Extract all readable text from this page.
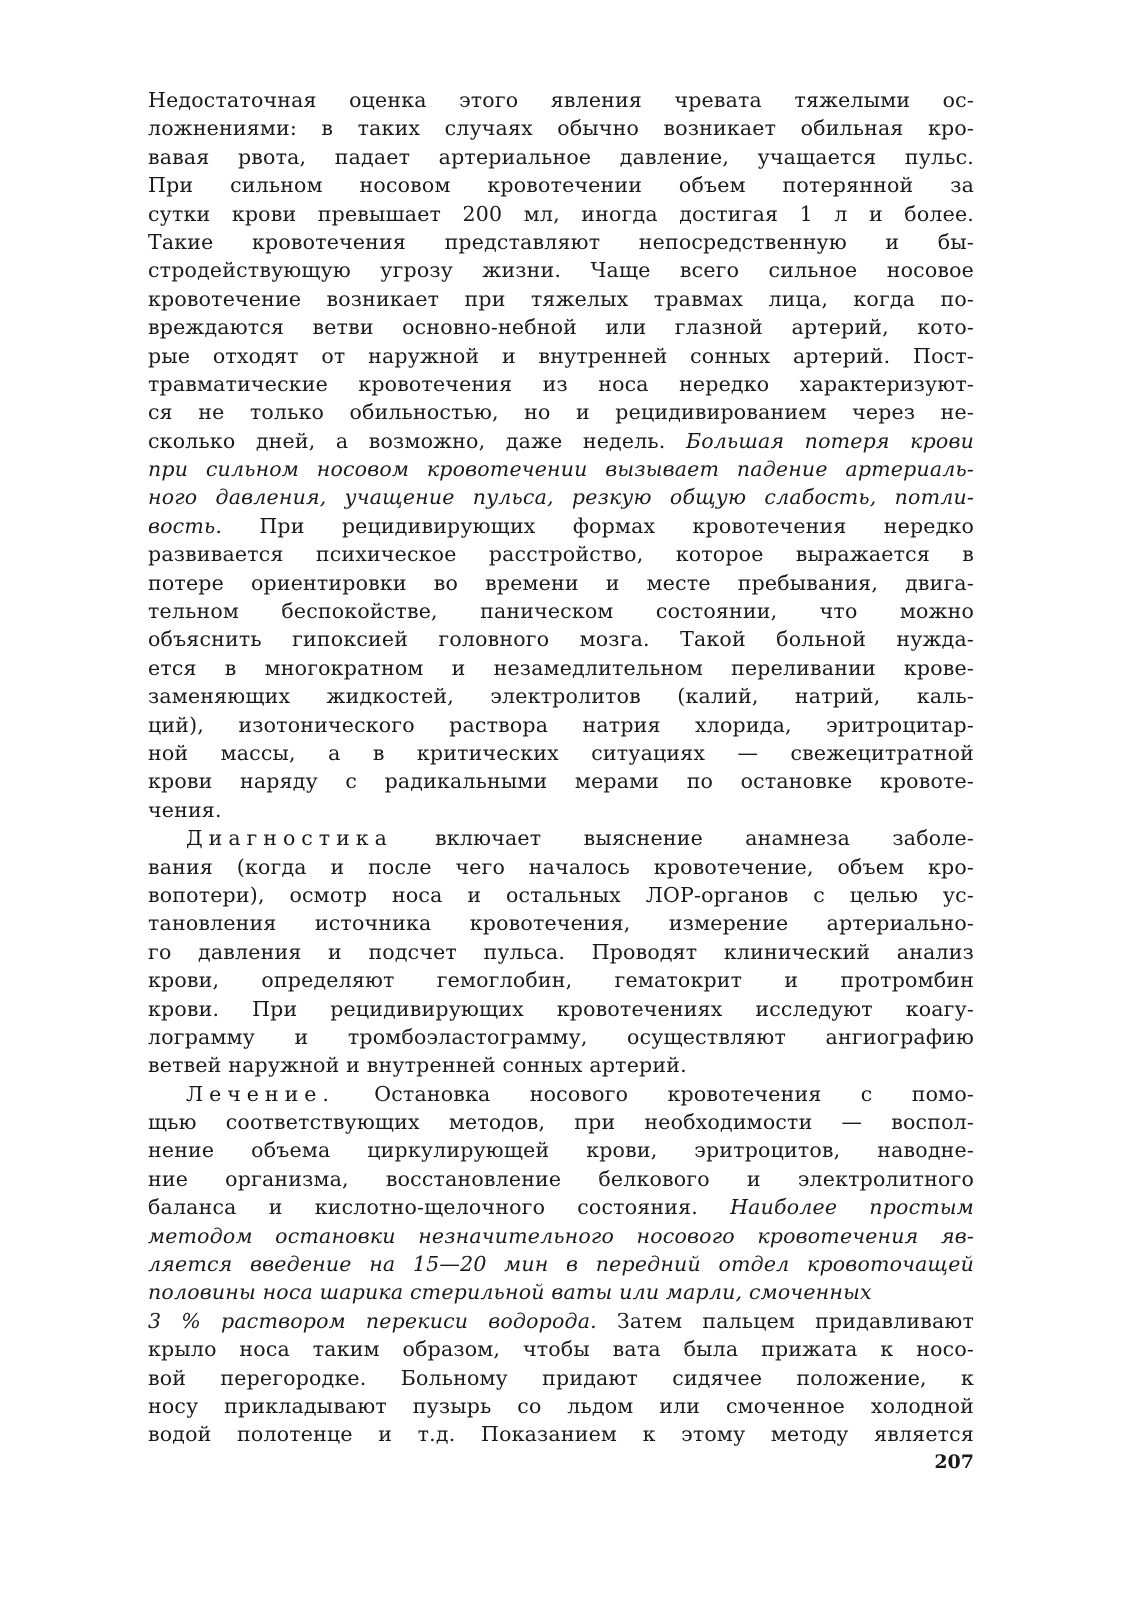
Недостаточная оценка этого явления чревата тяжелыми ос-
ложнениями: в таких случаях обычно возникает обильная кро-
вавая рвота, падает артериальное давление, учащается пульс.
При сильном носовом кровотечении объем потерянной за
сутки крови превышает 200 мл, иногда достигая 1 л и более.
Такие кровотечения представляют непосредственную и бы-
стродействующую угрозу жизни. Чаще всего сильное носовое
кровотечение возникает при тяжелых травмах лица, когда по-
вреждаются ветви основно-небной или глазной артерий, кото-
рые отходят от наружной и внутренней сонных артерий. Пост-
травматические кровотечения из носа нередко характеризуют-
ся не только обильностью, но и рецидивированием через не-
сколько дней, а возможно, даже недель. Большая потеря крови
при сильном носовом кровотечении вызывает падение артериаль-
ного давления, учащение пульса, резкую общую слабость, потли-
вость. При рецидивирующих формах кровотечения нередко
развивается психическое расстройство, которое выражается в
потере ориентировки во времени и месте пребывания, двига-
тельном беспокойстве, паническом состоянии, что можно
объяснить гипоксией головного мозга. Такой больной нужда-
ется в многократном и незамедлительном переливании крове-
заменяющих жидкостей, электролитов (калий, натрий, каль-
ций), изотонического раствора натрия хлорида, эритроцитар-
ной массы, а в критических ситуациях — свежецитратной
крови наряду с радикальными мерами по остановке кровоте-
чения.
Диагностика включает выяснение анамнеза заболе-
вания (когда и после чего началось кровотечение, объем кро-
вопотери), осмотр носа и остальных ЛОР-органов с целью ус-
тановления источника кровотечения, измерение артериально-
го давления и подсчет пульса. Проводят клинический анализ
крови, определяют гемоглобин, гематокрит и протромбин
крови. При рецидивирующих кровотечениях исследуют коагу-
лограмму и тромбоэластограмму, осуществляют ангиографию
ветвей наружной и внутренней сонных артерий.
Лечение. Остановка носового кровотечения с помо-
щью соответствующих методов, при необходимости — воспол-
нение объема циркулирующей крови, эритроцитов, наводне-
ние организма, восстановление белкового и электролитного
баланса и кислотно-щелочного состояния. Наиболее простым
методом остановки незначительного носового кровотечения яв-
ляется введение на 15—20 мин в передний отдел кровоточащей
половины носа шарика стерильной ваты или марли, смоченных
3 % раствором перекиси водорода. Затем пальцем придавливают
крыло носа таким образом, чтобы вата была прижата к носо-
вой перегородке. Больному придают сидячее положение, к
носу прикладывают пузырь со льдом или смоченное холодной
водой полотенце и т.д. Показанием к этому методу является
207
